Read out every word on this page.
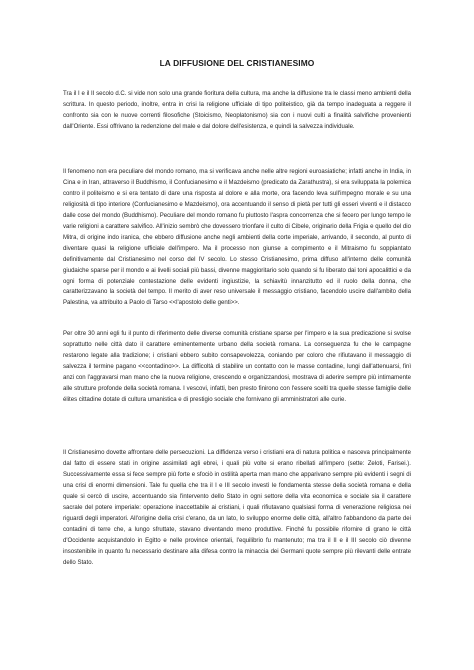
LA DIFFUSIONE DEL CRISTIANESIMO

Tra il I e il II secolo d.C. si vide non solo una grande fioritura della cultura, ma anche la diffusione tra le classi meno ambienti della scrittura. In questo periodo, inoltre, entra in crisi la religione ufficiale di tipo politeistico, già da tempo inadeguata a reggere il confronto sia con le nuove correnti filosofiche (Stoicismo, Neoplatonismo) sia con i nuovi culti a finalità salvifiche provenienti dall'Oriente. Essi offrivano la redenzione del male e dal dolore dell'esistenza, e quindi la salvezza individuale.

Il fenomeno non era peculiare del mondo romano, ma si verificava anche nelle altre regioni euroasiatiche; infatti anche in India, in Cina e in Iran, attraverso il Buddhismo, il Confucianesimo e il Mazdeismo (predicato da Zarathustra), si era sviluppata la polemica contro il politeismo e si era tentato di dare una risposta al dolore e alla morte, ora facendo leva sull'impegno morale e su una religiosità di tipo interiore (Confucianesimo e Mazdeismo), ora accentuando il senso di pietà per tutti gli esseri viventi e il distacco dalle cose del mondo (Buddhismo). Peculiare del mondo romano fu piuttosto l'aspra concorrenza che si fecero per lungo tempo le varie religioni a carattere salvifico. All'inizio sembrò che dovessero trionfare il culto di Cibele, originario della Frigia e quello del dio Mitra, di origine indo iranica, che ebbero diffusione anche negli ambienti della corte imperiale, arrivando, il secondo, al punto di diventare quasi la religione ufficiale dell'impero. Ma il processo non giunse a compimento e il Mitraismo fu soppiantato definitivamente dal Cristianesimo nel corso del IV secolo. Lo stesso Cristianesimo, prima diffuso all'interno delle comunità giudaiche sparse per il mondo e ai livelli sociali più bassi, divenne maggioritario solo quando si fu liberato dai toni apocalittici e da ogni forma di potenziale contestazione delle evidenti ingiustizie, la schiavitù innanzitutto ed il ruolo della donna, che caratterizzavano la società del tempo. Il merito di aver reso universale il messaggio cristiano, facendolo uscire dall'ambito della Palestina, va attribuito a Paolo di Tarso <<l'apostolo delle genti>>.

Per oltre 30 anni egli fu il punto di riferimento delle diverse comunità cristiane sparse per l'impero e la sua predicazione si svolse soprattutto nelle città dato il carattere eminentemente urbano della società romana. La conseguenza fu che le campagne restarono legate alla tradizione; i cristiani ebbero subito consapevolezza, coniando per coloro che rifiutavano il messaggio di salvezza il termine pagano <<contadino>>. La difficoltà di stabilire un contatto con le masse contadine, lungi dall'attenuarsi, finì anzi con l'aggravarsi man mano che la nuova religione, crescendo e organizzandosi, mostrava di aderire sempre più intimamente alle strutture profonde della società romana. I vescovi, infatti, ben presto finirono con l'essere scelti tra quelle stesse famiglie delle élites cittadine dotate di cultura umanistica e di prestigio sociale che fornivano gli amministratori alle curie.

Il Cristianesimo dovette affrontare delle persecuzioni. La diffidenza verso i cristiani era di natura politica e nasceva principalmente dal fatto di essere stati in origine assimilati agli ebrei, i quali più volte si erano ribellati all'impero (sette: Zeloti, Farisei.). Successivamente essa si fece sempre più forte e sfociò in ostilità aperta man mano che apparivano sempre più evidenti i segni di una crisi di enormi dimensioni. Tale fu quella che tra il I e III secolo investì le fondamenta stesse della società romana e della quale si cercò di uscire, accentuando sia l'intervento dello Stato in ogni settore della vita economica e sociale sia il carattere sacrale del potere imperiale: operazione inaccettabile ai cristiani, i quali rifiutavano qualsiasi forma di venerazione religiosa nei riguardi degli imperatori. All'origine della crisi c'erano, da un lato, lo sviluppo enorme delle città, all'altro l'abbandono da parte dei contadini di terre che, a lungo sfruttate, stavano diventando meno produttive. Finché fu possibile rifornire di grano le città d'Occidente acquistandolo in Egitto e nelle province orientali, l'equilibrio fu mantenuto; ma tra il II e il III secolo ciò divenne insostenibile in quanto fu necessario destinare alla difesa contro la minaccia dei Germani quote sempre più rilevanti delle entrate dello Stato.
